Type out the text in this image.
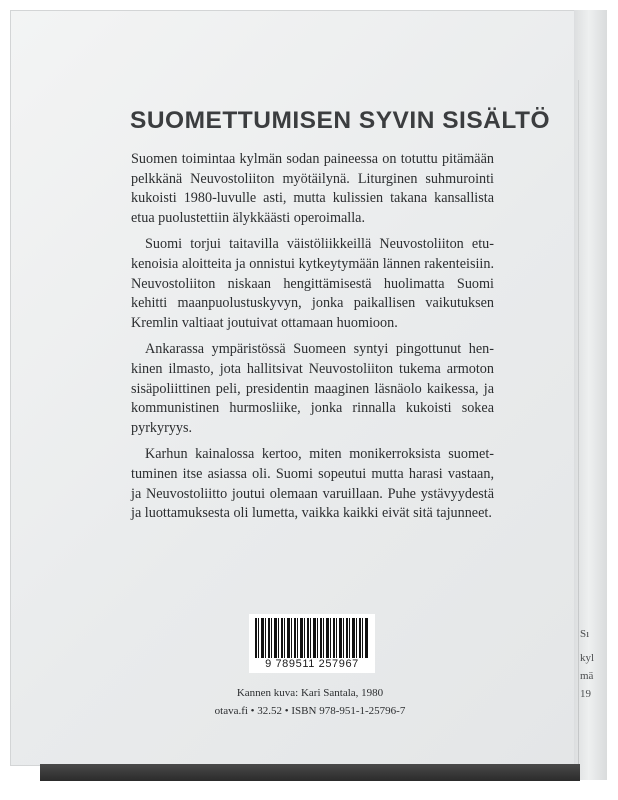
SUOMETTUMISEN SYVIN SISÄLTÖ

Suomen toimintaa kylmän sodan paineessa on totuttu pitämään pelkkänä Neuvostoliiton myötäilynä. Liturginen suhmurointi kukoisti 1980-luvulle asti, mutta kulissien takana kansallista etua puolustettiin älykkäästi operoimalla.

Suomi torjui taitavilla väistöliikkeillä Neuvostoliiton etukenoisia aloitteita ja onnistui kytkeytymään lännen rakenteisiin. Neuvostoliiton niskaan hengittämisestä huolimatta Suomi kehitti maanpuolustuskyvyn, jonka paikallisen vaikutuksen Kremlin valtiaat joutuivat ottamaan huomioon.

Ankarassa ympäristössä Suomeen syntyi pingottunut hen-kinen ilmasto, jota hallitsivat Neuvostoliiton tukema armoton sisäpoliittinen peli, presidentin maaginen läsnäolo kaikessa, ja kommunistinen hurmosliike, jonka rinnalla kukoisti sokea pyrkyryys.

Karhun kainalossa kertoo, miten monikerroksista suomettuminen itse asiassa oli. Suomi sopeutui mutta harasi vastaan, ja Neuvostoliitto joutui olemaan varuillaan. Puhe ystävyydestä ja luottamuksesta oli lumetta, vaikka kaikki eivät sitä tajunneet.

9 789511 257967
Kannen kuva: Kari Santala, 1980
otava.fi • 32.52 • ISBN 978-951-1-25796-7
Sı
kyl
mä
19
